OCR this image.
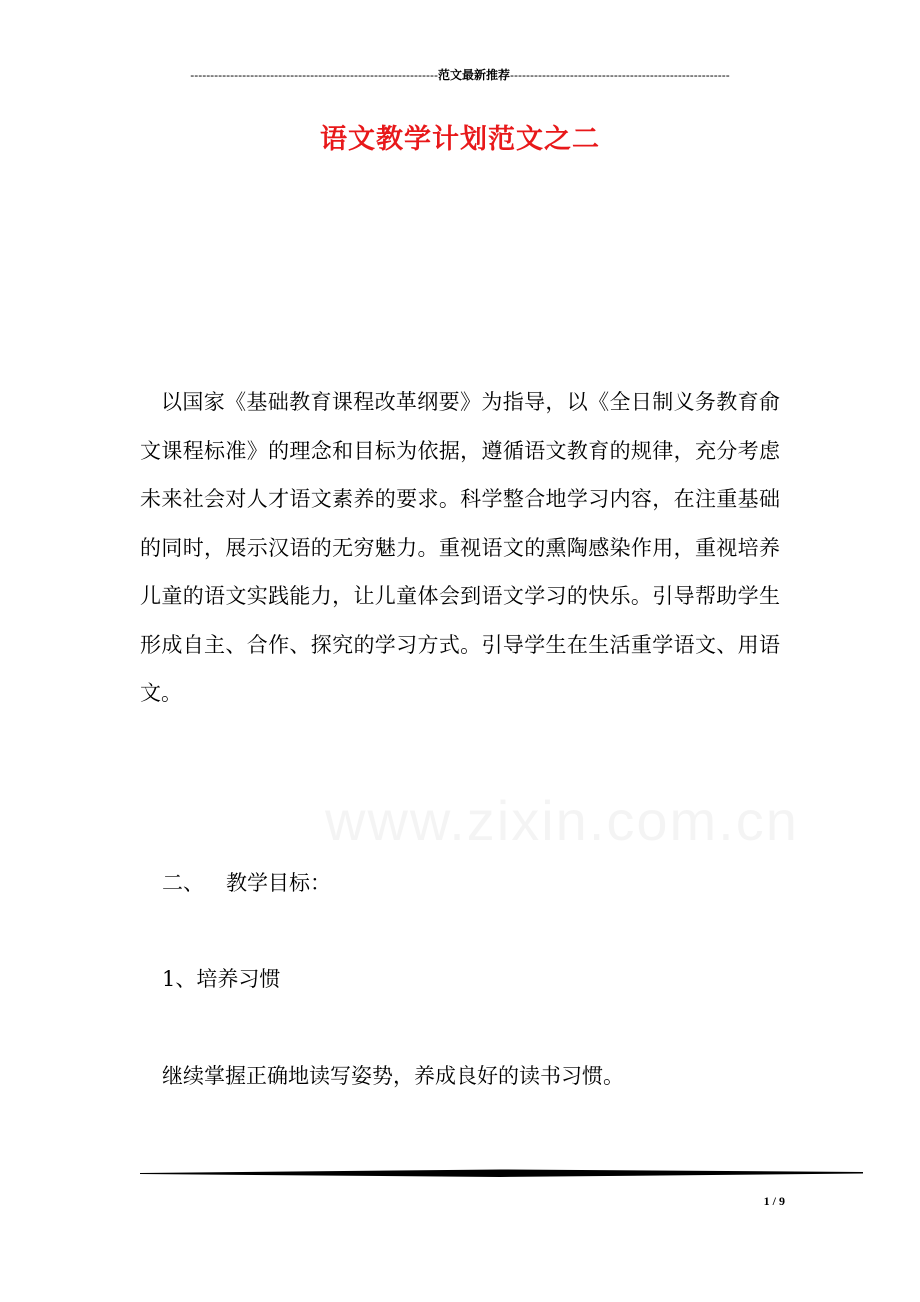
--------------------------------------------------------------范文最新推荐-------------------------------------------------------
语文教学计划范文之二
以国家《基础教育课程改革纲要》为指导，以《全日制义务教育俞文课程标准》的理念和目标为依据，遵循语文教育的规律，充分考虑未来社会对人才语文素养的要求。科学整合地学习内容，在注重基础的同时，展示汉语的无穷魅力。重视语文的熏陶感染作用，重视培养儿童的语文实践能力，让儿童体会到语文学习的快乐。引导帮助学生形成自主、合作、探究的学习方式。引导学生在生活重学语文、用语文。
二、 教学目标：
1、培养习惯
继续掌握正确地读写姿势，养成良好的读书习惯。
1 / 9
